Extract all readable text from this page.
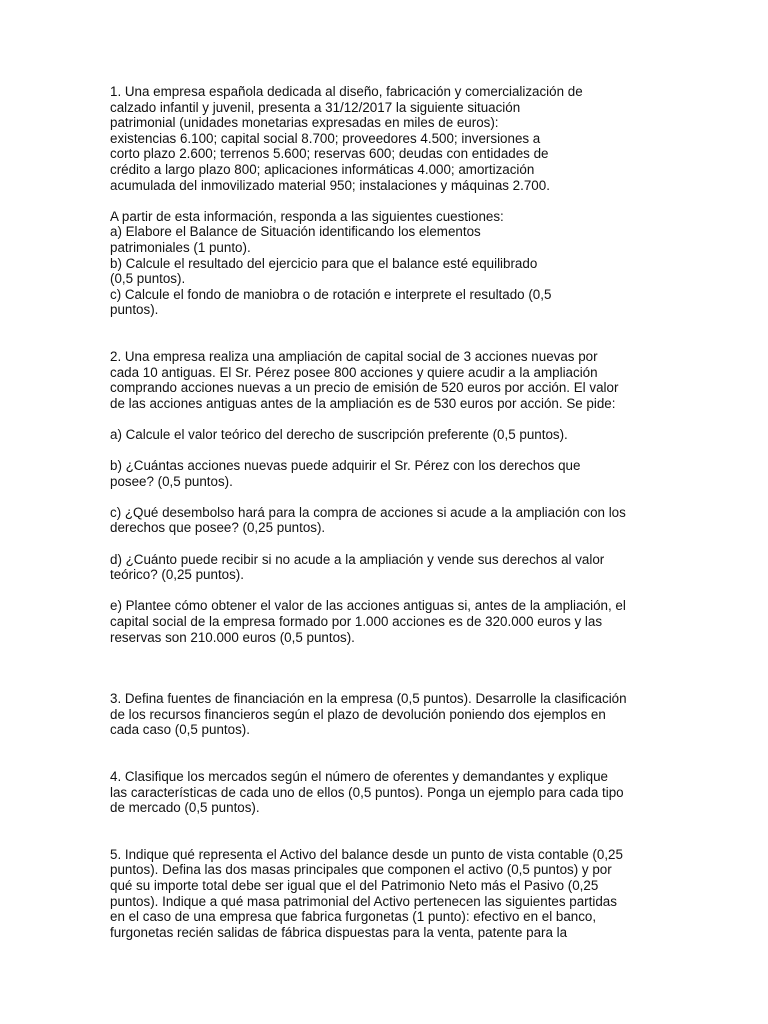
1. Una empresa española dedicada al diseño, fabricación y comercialización de
calzado infantil y juvenil, presenta a 31/12/2017 la siguiente situación
patrimonial (unidades monetarias expresadas en miles de euros):
existencias 6.100; capital social 8.700; proveedores 4.500; inversiones a
corto plazo 2.600; terrenos 5.600; reservas 600; deudas con entidades de
crédito a largo plazo 800; aplicaciones informáticas 4.000; amortización
acumulada del inmovilizado material 950; instalaciones y máquinas 2.700.
A partir de esta información, responda a las siguientes cuestiones:
a) Elabore el Balance de Situación identificando los elementos
patrimoniales (1 punto).
b) Calcule el resultado del ejercicio para que el balance esté equilibrado
(0,5 puntos).
c) Calcule el fondo de maniobra o de rotación e interprete el resultado (0,5
puntos).
2. Una empresa realiza una ampliación de capital social de 3 acciones nuevas por
cada 10 antiguas. El Sr. Pérez posee 800 acciones y quiere acudir a la ampliación
comprando acciones nuevas a un precio de emisión de 520 euros por acción. El valor
de las acciones antiguas antes de la ampliación es de 530 euros por acción. Se pide:
a) Calcule el valor teórico del derecho de suscripción preferente (0,5 puntos).
b) ¿Cuántas acciones nuevas puede adquirir el Sr. Pérez con los derechos que
posee? (0,5 puntos).
c) ¿Qué desembolso hará para la compra de acciones si acude a la ampliación con los
derechos que posee? (0,25 puntos).
d) ¿Cuánto puede recibir si no acude a la ampliación y vende sus derechos al valor
teórico? (0,25 puntos).
e) Plantee cómo obtener el valor de las acciones antiguas si, antes de la ampliación, el
capital social de la empresa formado por 1.000 acciones es de 320.000 euros y las
reservas son 210.000 euros (0,5 puntos).
3. Defina fuentes de financiación en la empresa (0,5 puntos). Desarrolle la clasificación
de los recursos financieros según el plazo de devolución poniendo dos ejemplos en
cada caso (0,5 puntos).
4. Clasifique los mercados según el número de oferentes y demandantes y explique
las características de cada uno de ellos (0,5 puntos). Ponga un ejemplo para cada tipo
de mercado (0,5 puntos).
5. Indique qué representa el Activo del balance desde un punto de vista contable (0,25
puntos). Defina las dos masas principales que componen el activo (0,5 puntos) y por
qué su importe total debe ser igual que el del Patrimonio Neto más el Pasivo (0,25
puntos). Indique a qué masa patrimonial del Activo pertenecen las siguientes partidas
en el caso de una empresa que fabrica furgonetas (1 punto): efectivo en el banco,
furgonetas recién salidas de fábrica dispuestas para la venta, patente para la
